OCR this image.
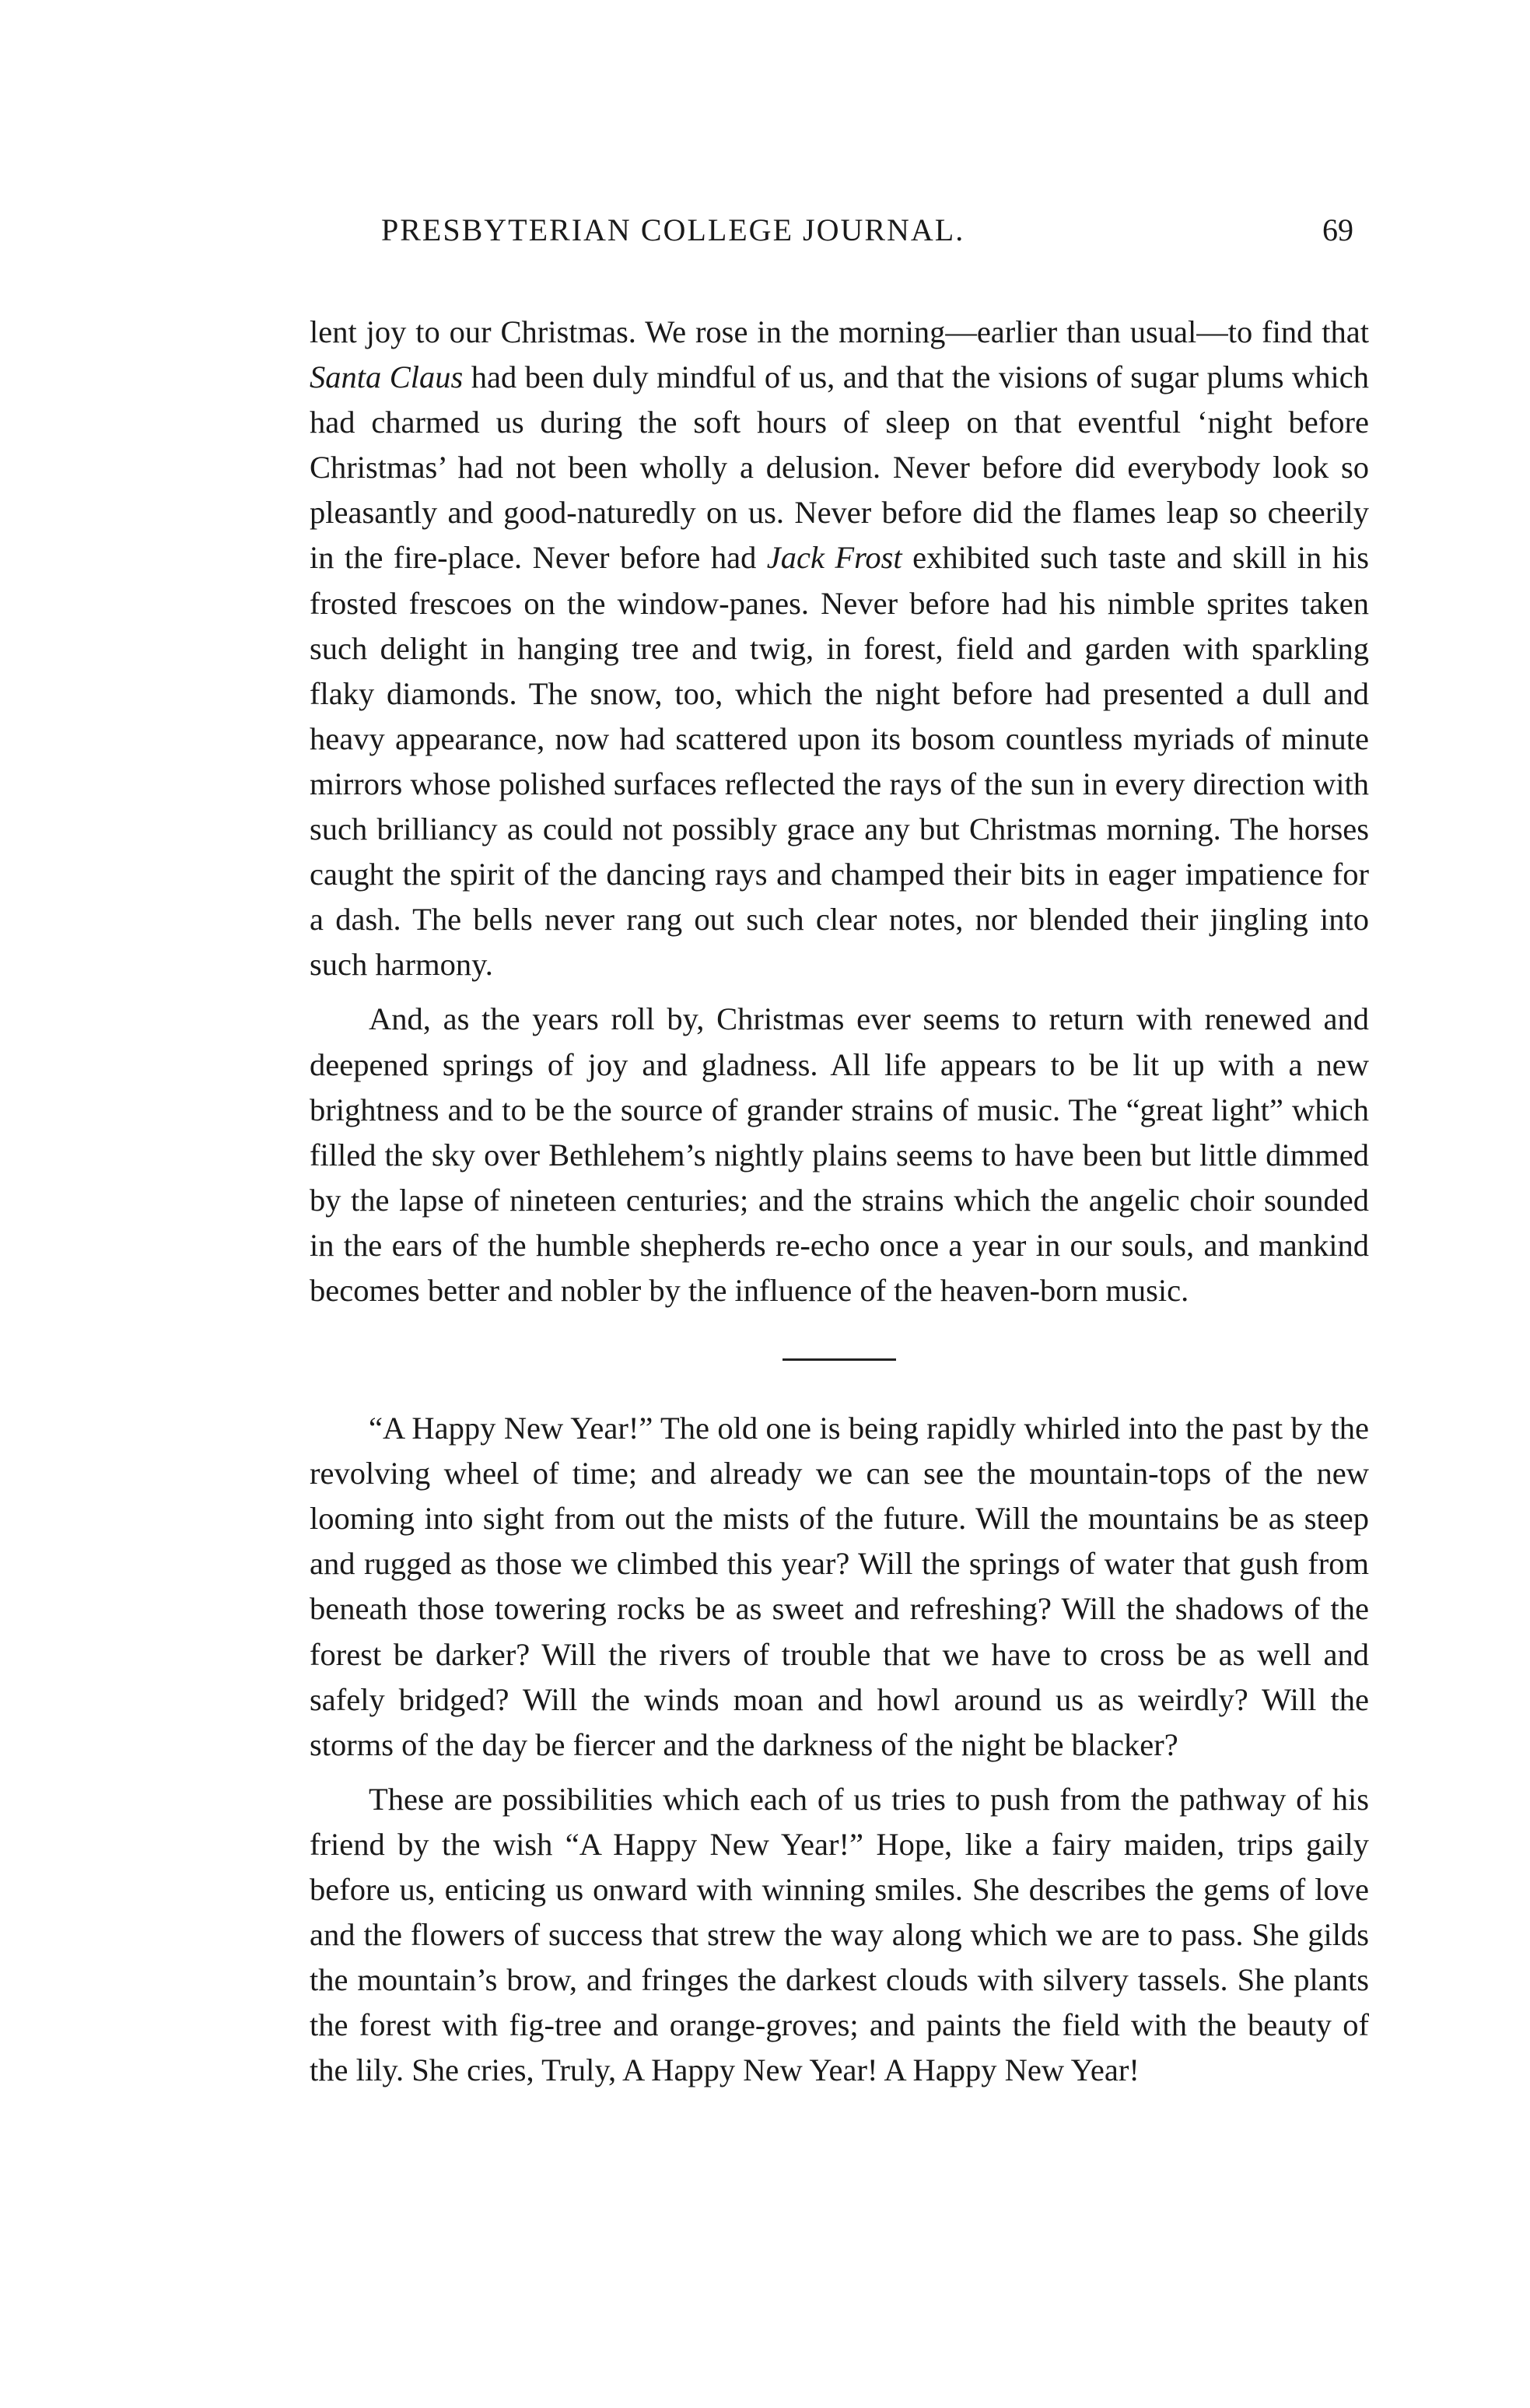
PRESBYTERIAN COLLEGE JOURNAL.	69

lent joy to our Christmas. We rose in the morning—earlier than usual—to find that Santa Claus had been duly mindful of us, and that the visions of sugar plums which had charmed us during the soft hours of sleep on that eventful ‘night before Christmas’ had not been wholly a delusion. Never before did everybody look so pleasantly and good-naturedly on us. Never before did the flames leap so cheerily in the fire-place. Never before had Jack Frost exhibited such taste and skill in his frosted frescoes on the window-panes. Never before had his nimble sprites taken such delight in hanging tree and twig, in forest, field and garden with sparkling flaky diamonds. The snow, too, which the night before had presented a dull and heavy appearance, now had scattered upon its bosom countless myriads of minute mirrors whose polished surfaces reflected the rays of the sun in every direction with such brilliancy as could not possibly grace any but Christmas morning. The horses caught the spirit of the dancing rays and champed their bits in eager impatience for a dash. The bells never rang out such clear notes, nor blended their jingling into such harmony.

And, as the years roll by, Christmas ever seems to return with renewed and deepened springs of joy and gladness. All life appears to be lit up with a new brightness and to be the source of grander strains of music. The “great light” which filled the sky over Bethlehem’s nightly plains seems to have been but little dimmed by the lapse of nineteen centuries; and the strains which the angelic choir sounded in the ears of the humble shepherds re-echo once a year in our souls, and mankind becomes better and nobler by the influence of the heaven-born music.

“A Happy New Year!” The old one is being rapidly whirled into the past by the revolving wheel of time; and already we can see the mountain-tops of the new looming into sight from out the mists of the future. Will the mountains be as steep and rugged as those we climbed this year? Will the springs of water that gush from beneath those towering rocks be as sweet and refreshing? Will the shadows of the forest be darker? Will the rivers of trouble that we have to cross be as well and safely bridged? Will the winds moan and howl around us as weirdly? Will the storms of the day be fiercer and the darkness of the night be blacker?

These are possibilities which each of us tries to push from the pathway of his friend by the wish “A Happy New Year!” Hope, like a fairy maiden, trips gaily before us, enticing us onward with winning smiles. She describes the gems of love and the flowers of success that strew the way along which we are to pass. She gilds the mountain’s brow, and fringes the darkest clouds with silvery tassels. She plants the forest with fig-tree and orange-groves; and paints the field with the beauty of the lily. She cries, Truly, A Happy New Year! A Happy New Year!
